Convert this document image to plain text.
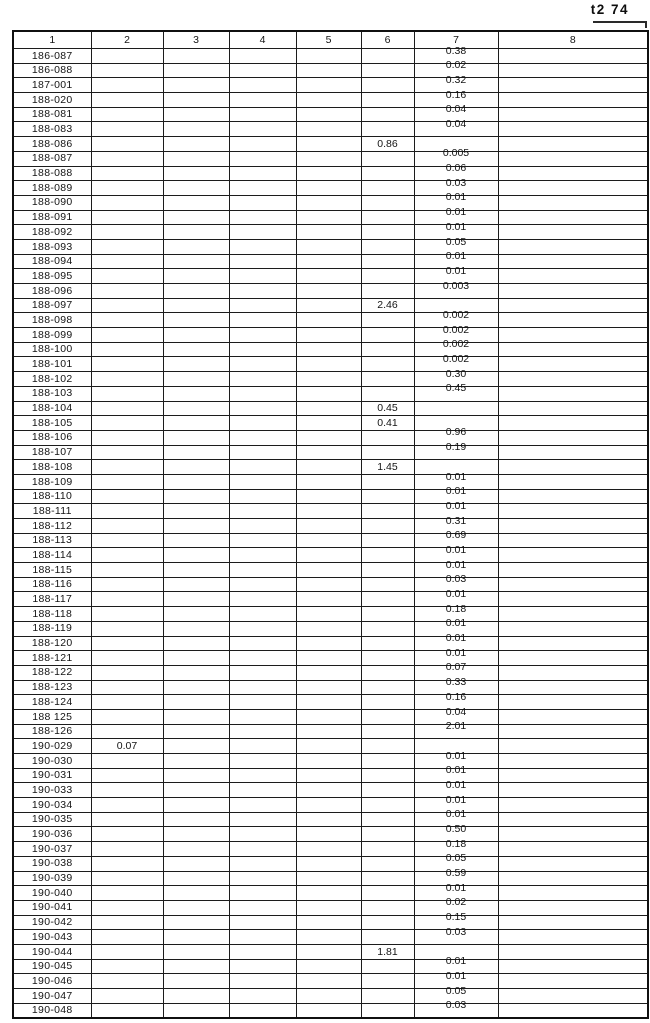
t2 74
1	2	3	4	5	6	7	8
186-087						0.38	
186-088						0.02	
187-001						0.32	
188-020						0.16	
188-081						0.04	
188-083						0.04	
188-086					0.86		
188-087						0.005	
188-088						0.06	
188-089						0.03	
188-090						0.01	
188-091						0.01	
188-092						0.01	
188-093						0.05	
188-094						0.01	
188-095						0.01	
188-096						0.003	
188-097					2.46		
188-098						0.002	
188-099						0.002	
188-100						0.002	
188-101						0.002	
188-102						0.30	
188-103						0.45	
188-104					0.45		
188-105					0.41		
188-106						0.96	
188-107						0.19	
188-108					1.45		
188-109						0.01	
188-110						0.01	
188-111						0.01	
188-112						0.31	
188-113						0.69	
188-114						0.01	
188-115						0.01	
188-116						0.03	
188-117						0.01	
188-118						0.18	
188-119						0.01	
188-120						0.01	
188-121						0.01	
188-122						0.07	
188-123						0.33	
188-124						0.16	
188 125						0.04	
188-126						2.01	
190-029	0.07						
190-030						0.01	
190-031						0.01	
190-033						0.01	
190-034						0.01	
190-035						0.01	
190-036						0.50	
190-037						0.18	
190-038						0.05	
190-039						0.59	
190-040						0.01	
190-041						0.02	
190-042						0.15	
190-043						0.03	
190-044					1.81		
190-045						0.01	
190-046						0.01	
190-047						0.05	
190-048						0.03	
